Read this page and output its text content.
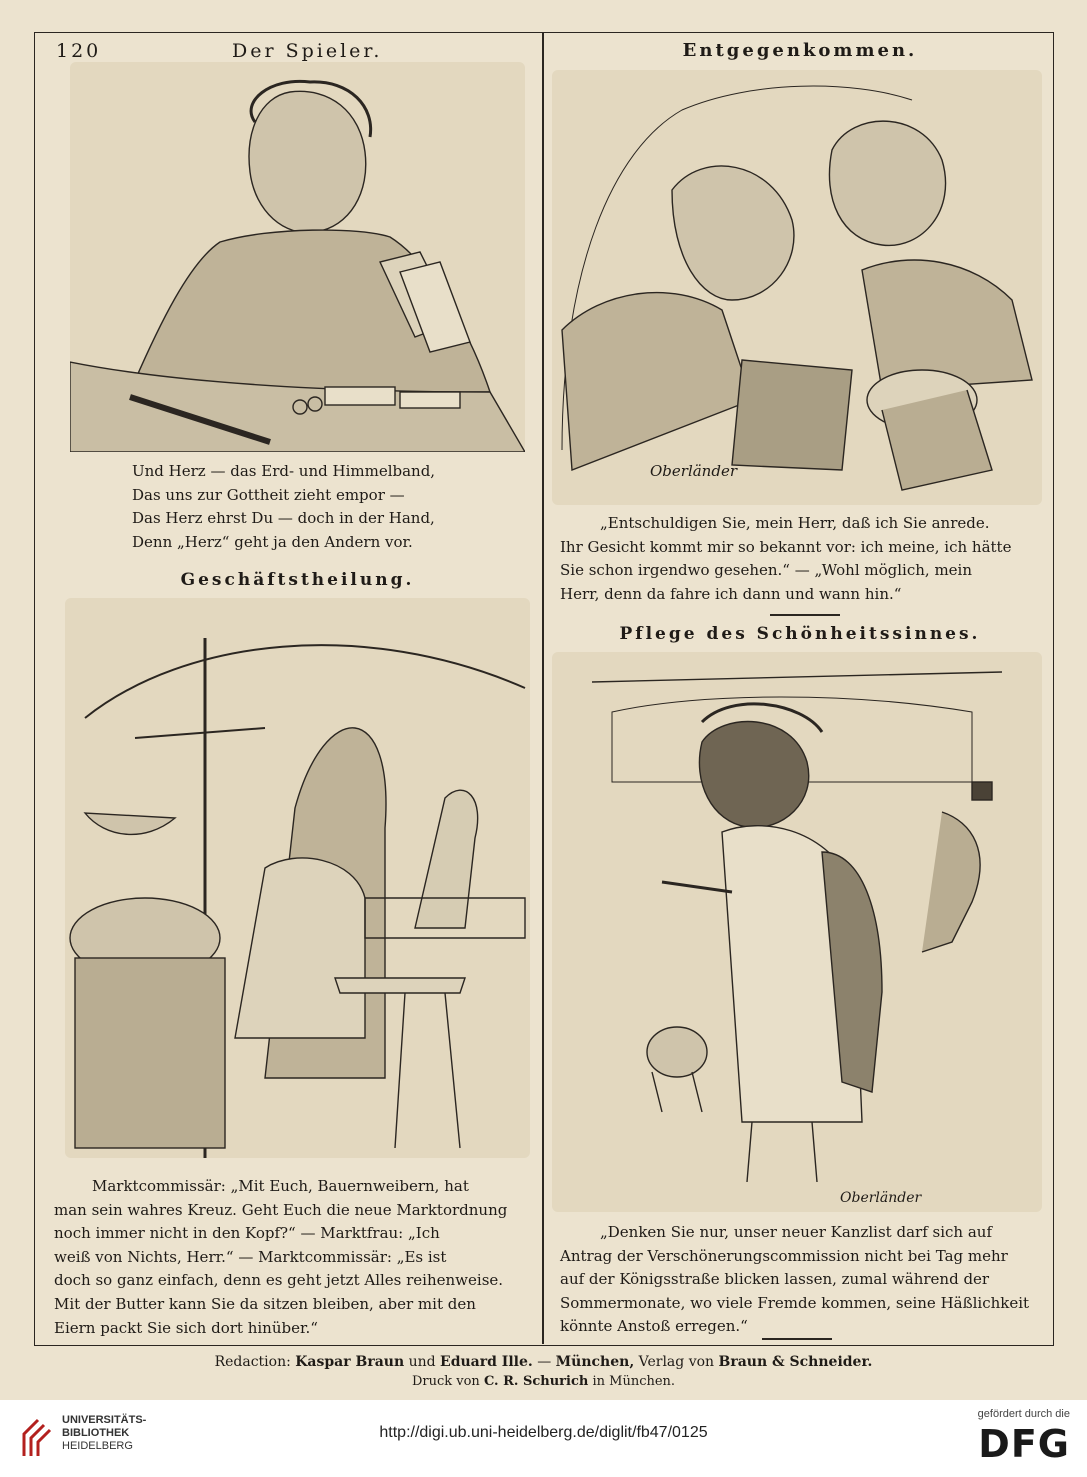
120	Der Spieler.	Entgegenkommen.
Und Herz — das Erd- und Himmelband,
Das uns zur Gottheit zieht empor —
Das Herz ehrst Du — doch in der Hand,
Denn „Herz“ geht ja den Andern vor.
Geschäftstheilung.
Marktcommissär: „Mit Euch, Bauernweibern, hat
man sein wahres Kreuz. Geht Euch die neue Marktordnung
noch immer nicht in den Kopf?“ — Marktfrau: „Ich
weiß von Nichts, Herr.“ — Marktcommissär: „Es ist
doch so ganz einfach, denn es geht jetzt Alles reihenweise.
Mit der Butter kann Sie da sitzen bleiben, aber mit den
Eiern packt Sie sich dort hinüber.“
Oberländer
„Entschuldigen Sie, mein Herr, daß ich Sie anrede.
Ihr Gesicht kommt mir so bekannt vor: ich meine, ich hätte
Sie schon irgendwo gesehen.“ — „Wohl möglich, mein
Herr, denn da fahre ich dann und wann hin.“
Pflege des Schönheitssinnes.
Oberländer
„Denken Sie nur, unser neuer Kanzlist darf sich auf
Antrag der Verschönerungscommission nicht bei Tag mehr
auf der Königsstraße blicken lassen, zumal während der
Sommermonate, wo viele Fremde kommen, seine Häßlichkeit
könnte Anstoß erregen.“
Redaction: Kaspar Braun und Eduard Ille. — München, Verlag von Braun & Schneider.
Druck von C. R. Schurich in München.
UNIVERSITÄTS-
BIBLIOTHEK
HEIDELBERG
http://digi.ub.uni-heidelberg.de/diglit/fb47/0125
gefördert durch die
DFG
